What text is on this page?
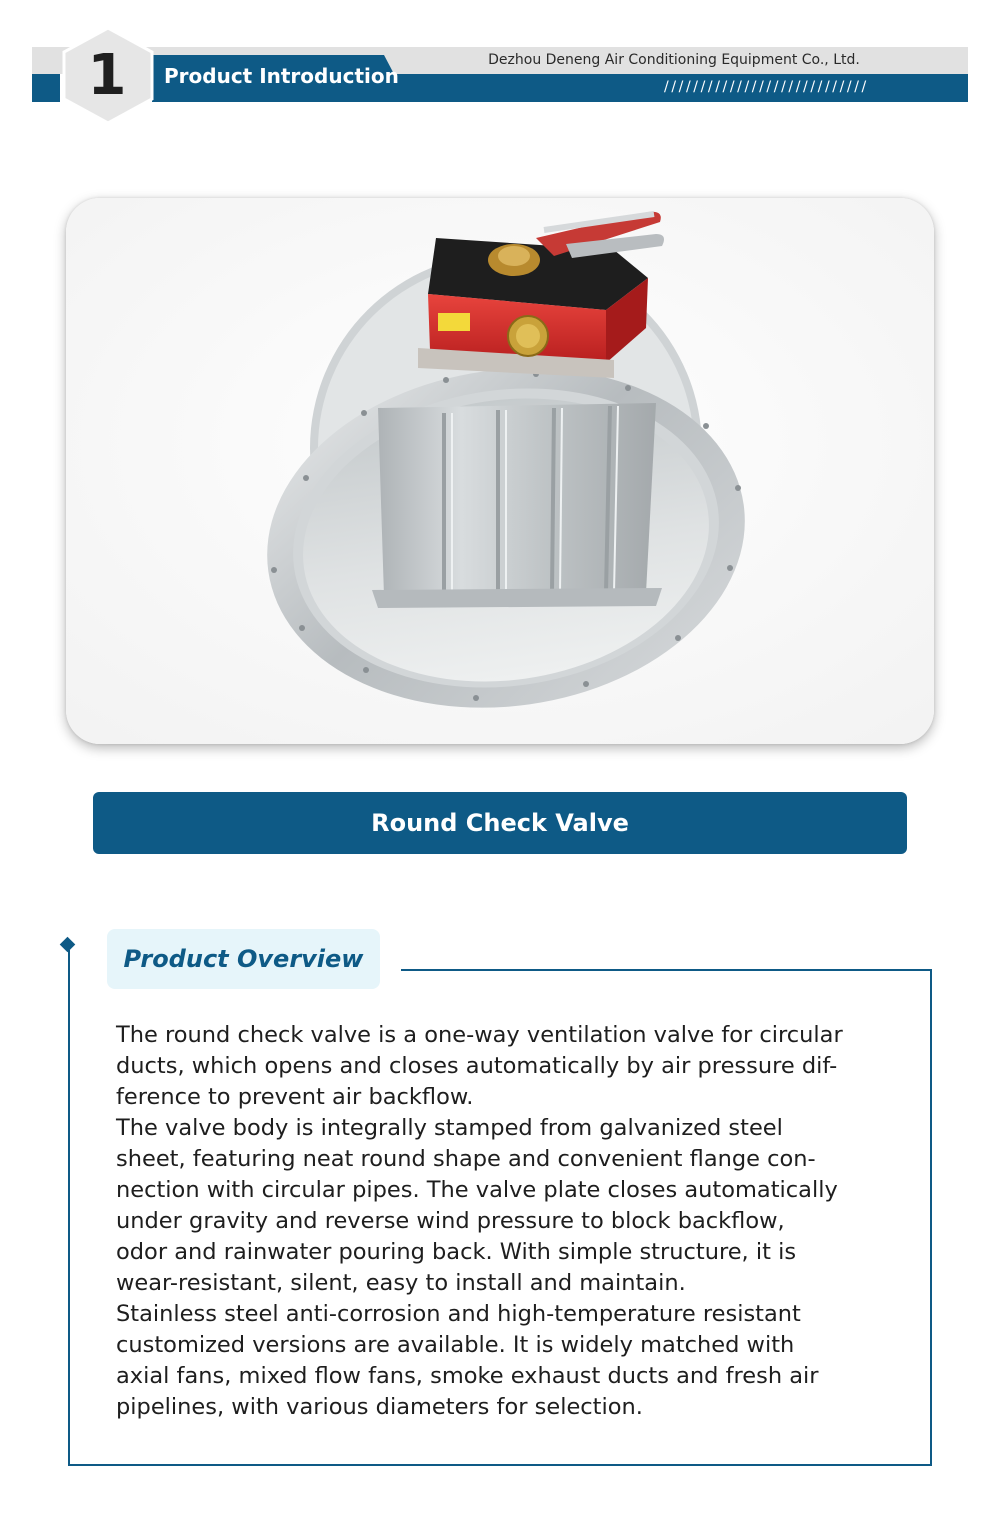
1	Product Introduction
Dezhou Deneng Air Conditioning Equipment Co., Ltd.
////////////////////////////
Round Check Valve
Product Overview

The round check valve is a one-way ventilation valve for circular
ducts, which opens and closes automatically by air pressure dif-
ference to prevent air backflow.

The valve body is integrally stamped from galvanized steel
sheet, featuring neat round shape and convenient flange con-
nection with circular pipes. The valve plate closes automatically
under gravity and reverse wind pressure to block backflow,
odor and rainwater pouring back. With simple structure, it is
wear-resistant, silent, easy to install and maintain.

Stainless steel anti-corrosion and high-temperature resistant
customized versions are available. It is widely matched with
axial fans, mixed flow fans, smoke exhaust ducts and fresh air
pipelines, with various diameters for selection.
